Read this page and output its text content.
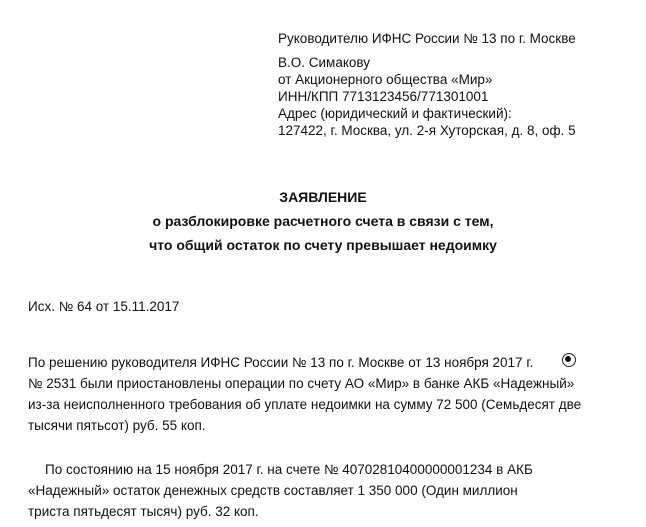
Руководителю ИФНС России № 13 по г. Москве
В.О. Симакову
от Акционерного общества «Мир»
ИНН/КПП 7713123456/771301001
Адрес (юридический и фактический):
127422, г. Москва, ул. 2-я Хуторская, д. 8, оф. 5
ЗАЯВЛЕНИЕ
о разблокировке расчетного счета в связи с тем,
что общий остаток по счету превышает недоимку
Исх. № 64 от 15.11.2017
По решению руководителя ИФНС России № 13 по г. Москве от 13 ноября 2017 г.
№ 2531 были приостановлены операции по счету АО «Мир» в банке АКБ «Надежный»
из-за неисполненного требования об уплате недоимки на сумму 72 500 (Семьдесят две
тысячи пятьсот) руб. 55 коп.
По состоянию на 15 ноября 2017 г. на счете № 40702810400000001234 в АКБ
«Надежный» остаток денежных средств составляет 1 350 000 (Один миллион
триста пятьдесят тысяч) руб. 32 коп.
